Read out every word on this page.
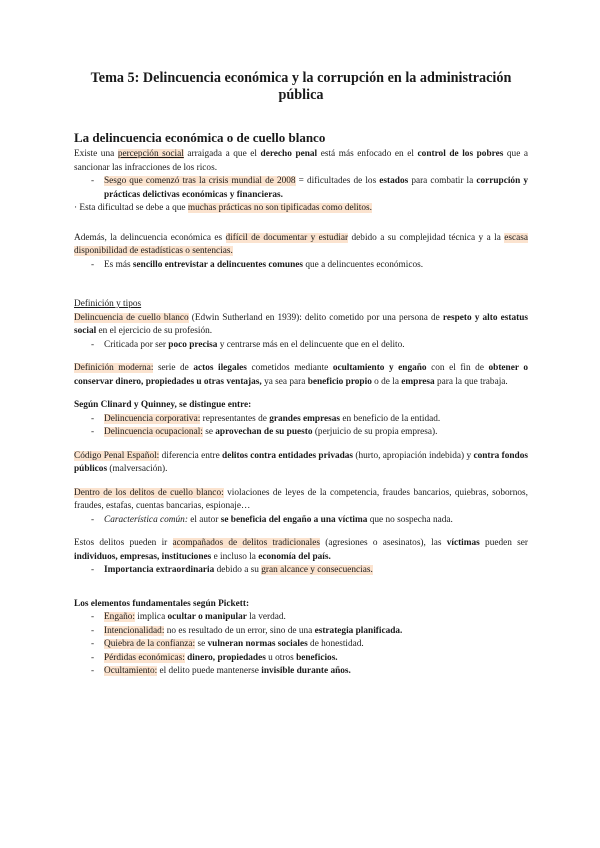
Tema 5: Delincuencia económica y la corrupción en la administración pública
La delincuencia económica o de cuello blanco

Existe una percepción social arraigada a que el derecho penal está más enfocado en el control de los pobres que a sancionar las infracciones de los ricos.

- Sesgo que comenzó tras la crisis mundial de 2008 = dificultades de los estados para combatir la corrupción y prácticas delictivas económicas y financieras.

· Esta dificultad se debe a que muchas prácticas no son tipificadas como delitos.

Además, la delincuencia económica es difícil de documentar y estudiar debido a su complejidad técnica y a la escasa disponibilidad de estadísticas o sentencias.

- Es más sencillo entrevistar a delincuentes comunes que a delincuentes económicos.

Definición y tipos

Delincuencia de cuello blanco (Edwin Sutherland en 1939): delito cometido por una persona de respeto y alto estatus social en el ejercicio de su profesión.

- Criticada por ser poco precisa y centrarse más en el delincuente que en el delito.

Definición moderna: serie de actos ilegales cometidos mediante ocultamiento y engaño con el fin de obtener o conservar dinero, propiedades u otras ventajas, ya sea para beneficio propio o de la empresa para la que trabaja.

Según Clinard y Quinney, se distingue entre:

- Delincuencia corporativa: representantes de grandes empresas en beneficio de la entidad.
- Delincuencia ocupacional: se aprovechan de su puesto (perjuicio de su propia empresa).

Código Penal Español: diferencia entre delitos contra entidades privadas (hurto, apropiación indebida) y contra fondos públicos (malversación).

Dentro de los delitos de cuello blanco: violaciones de leyes de la competencia, fraudes bancarios, quiebras, sobornos, fraudes, estafas, cuentas bancarias, espionaje…

- Característica común: el autor se beneficia del engaño a una víctima que no sospecha nada.

Estos delitos pueden ir acompañados de delitos tradicionales (agresiones o asesinatos), las víctimas pueden ser individuos, empresas, instituciones e incluso la economía del país.

- Importancia extraordinaria debido a su gran alcance y consecuencias.

Los elementos fundamentales según Pickett:

- Engaño: implica ocultar o manipular la verdad.
- Intencionalidad: no es resultado de un error, sino de una estrategia planificada.
- Quiebra de la confianza: se vulneran normas sociales de honestidad.
- Pérdidas económicas: dinero, propiedades u otros beneficios.
- Ocultamiento: el delito puede mantenerse invisible durante años.
